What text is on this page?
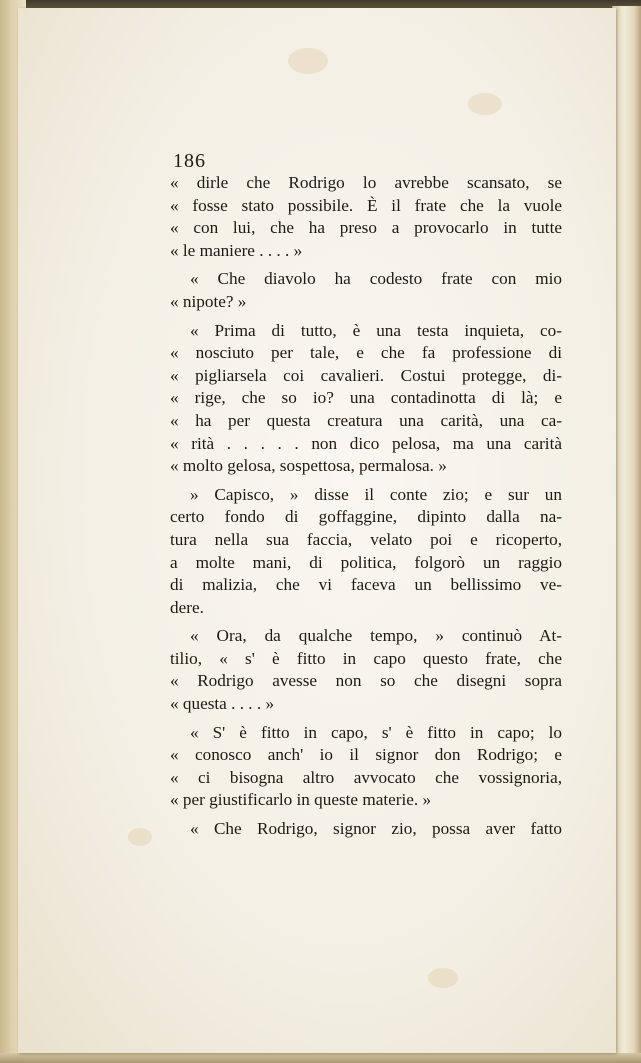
186
« dirle che Rodrigo lo avrebbe scansato, se
« fosse stato possibile. È il frate che la vuole
« con lui, che ha preso a provocarlo in tutte
« le maniere . . . . »
« Che diavolo ha codesto frate con mio
« nipote? »
« Prima di tutto, è una testa inquieta, co-
« nosciuto per tale, e che fa professione di
« pigliarsela coi cavalieri. Costui protegge, di-
« rige, che so io? una contadinotta di là; e
« ha per questa creatura una carità, una ca-
« rità . . . . . non dico pelosa, ma una carità
« molto gelosa, sospettosa, permalosa. »
» Capisco, » disse il conte zio; e sur un
certo fondo di goffaggine, dipinto dalla na-
tura nella sua faccia, velato poi e ricoperto,
a molte mani, di politica, folgorò un raggio
di malizia, che vi faceva un bellissimo ve-
dere.
« Ora, da qualche tempo, » continuò At-
tilio, « s' è fitto in capo questo frate, che
« Rodrigo avesse non so che disegni sopra
« questa . . . . »
« S' è fitto in capo, s' è fitto in capo; lo
« conosco anch' io il signor don Rodrigo; e
« ci bisogna altro avvocato che vossignoria,
« per giustificarlo in queste materie. »
« Che Rodrigo, signor zio, possa aver fatto
